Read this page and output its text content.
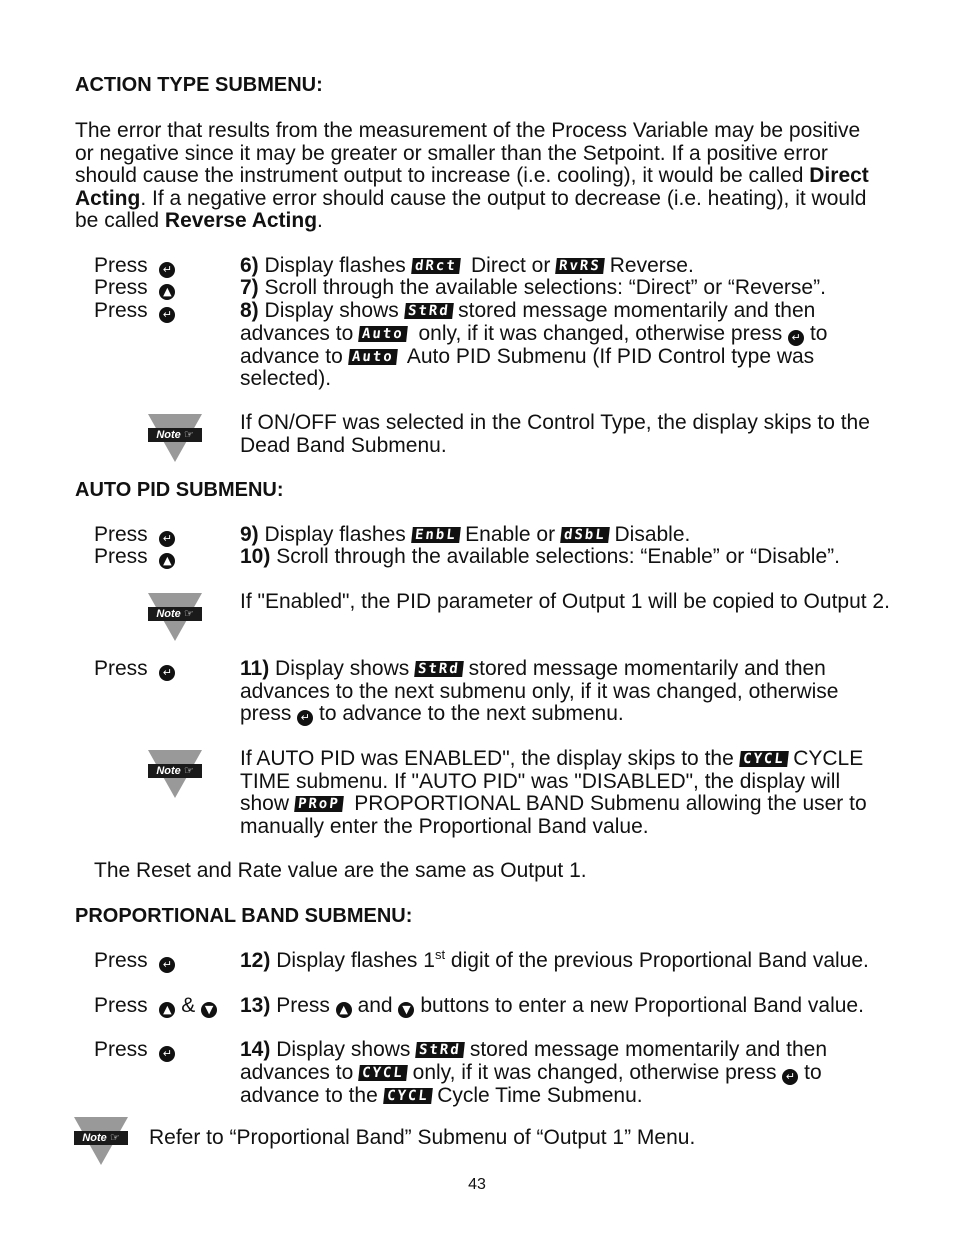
ACTION TYPE SUBMENU:
The error that results from the measurement of the Process Variable may be positive or negative since it may be greater or smaller than the Setpoint. If a positive error should cause the instrument output to increase (i.e. cooling), it would be called Direct Acting. If a negative error should cause the output to decrease (i.e. heating), it would be called Reverse Acting.
Press ↵
Press ▲
Press ↵
6) Display flashes dRct Direct or RvRS Reverse.
7) Scroll through the available selections: “Direct” or “Reverse”.
8) Display shows StRd stored message momentarily and then advances to Auto only, if it was changed, otherwise press ↵ to advance to Auto Auto PID Submenu (If PID Control type was selected).
Note ☞
If ON/OFF was selected in the Control Type, the display skips to the Dead Band Submenu.
AUTO PID SUBMENU:
Press ↵
Press ▲
9) Display flashes EnbL Enable or dSbL Disable.
10) Scroll through the available selections: “Enable” or “Disable”.
Note ☞
If "Enabled", the PID parameter of Output 1 will be copied to Output 2.
Press ↵	11) Display shows StRd stored message momentarily and then advances to the next submenu only, if it was changed, otherwise press ↵ to advance to the next submenu.
Note ☞
If AUTO PID was ENABLED", the display skips to the CYCL CYCLE TIME submenu. If "AUTO PID" was "DISABLED", the display will show PRoP PROPORTIONAL BAND Submenu allowing the user to manually enter the Proportional Band value.
The Reset and Rate value are the same as Output 1.
PROPORTIONAL BAND SUBMENU:
Press ↵
Press ▲ & ▼
Press ↵
12) Display flashes 1st digit of the previous Proportional Band value.
13) Press ▲ and ▼ buttons to enter a new Proportional Band value.
14) Display shows StRd stored message momentarily and then advances to CYCL only, if it was changed, otherwise press ↵ to advance to the CYCL Cycle Time Submenu.
Note ☞	Refer to “Proportional Band” Submenu of “Output 1” Menu.
43
